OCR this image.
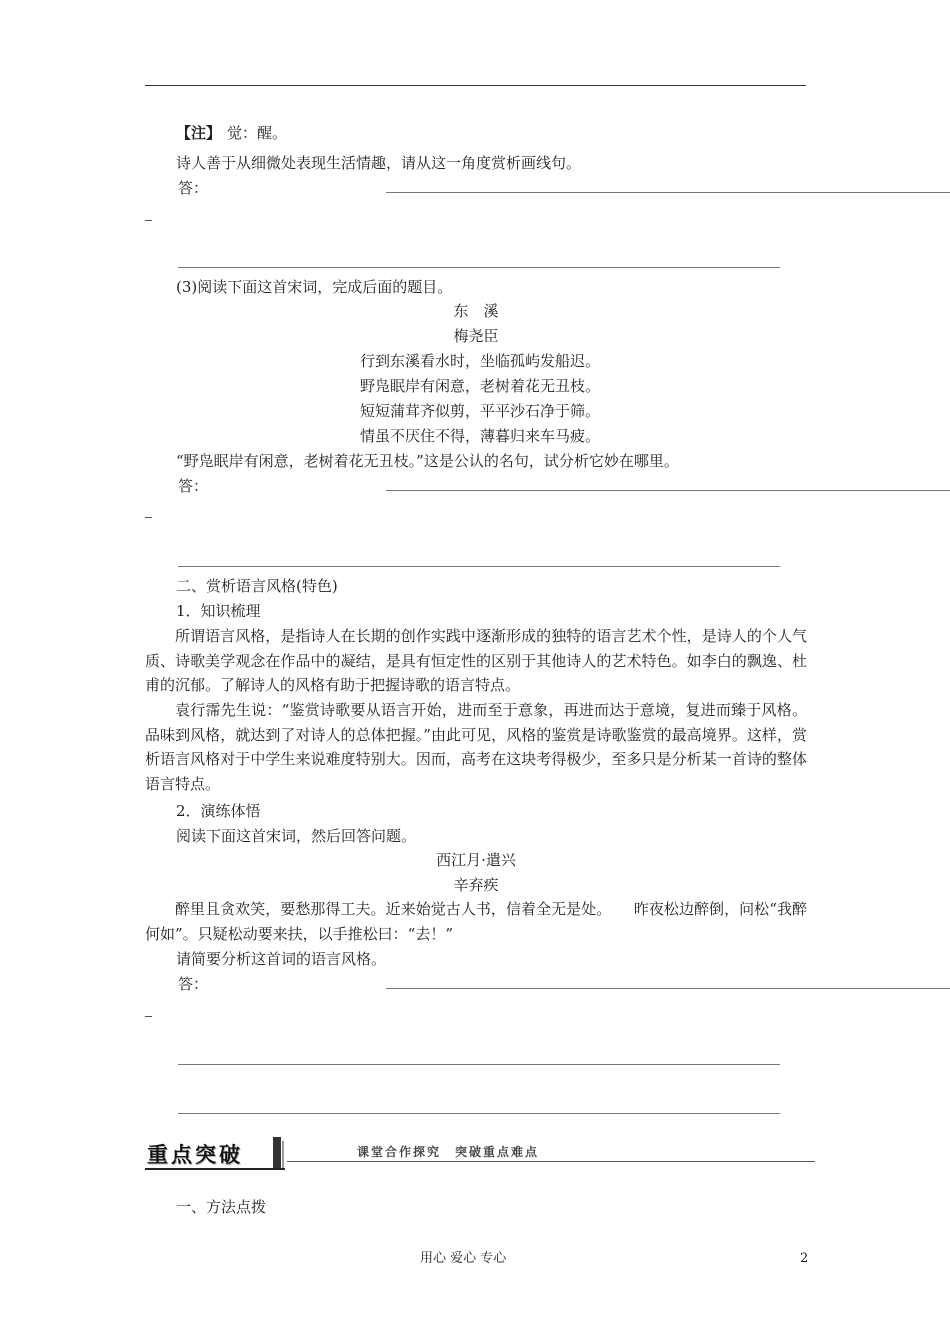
【注】 觉：醒。
诗人善于从细微处表现生活情趣，请从这一角度赏析画线句。
答：
(3)阅读下面这首宋词，完成后面的题目。
东　溪
梅尧臣
行到东溪看水时，坐临孤屿发船迟。
野凫眠岸有闲意，老树着花无丑枝。
短短蒲茸齐似剪，平平沙石净于筛。
情虽不厌住不得，薄暮归来车马疲。
“野凫眠岸有闲意，老树着花无丑枝。”这是公认的名句，试分析它妙在哪里。
答：
二、赏析语言风格(特色)
1．知识梳理

所谓语言风格，是指诗人在长期的创作实践中逐渐形成的独特的语言艺术个性，是诗人的个人气质、诗歌美学观念在作品中的凝结，是具有恒定性的区别于其他诗人的艺术特色。如李白的飘逸、杜甫的沉郁。了解诗人的风格有助于把握诗歌的语言特点。

袁行霈先生说：“鉴赏诗歌要从语言开始，进而至于意象，再进而达于意境，复进而臻于风格。品味到风格，就达到了对诗人的总体把握。”由此可见，风格的鉴赏是诗歌鉴赏的最高境界。这样，赏析语言风格对于中学生来说难度特别大。因而，高考在这块考得极少，至多只是分析某一首诗的整体语言特点。

2．演练体悟
阅读下面这首宋词，然后回答问题。
西江月·遣兴
辛弃疾

醉里且贪欢笑，要愁那得工夫。近来始觉古人书，信着全无是处。　　昨夜松边醉倒，问松“我醉何如”。只疑松动要来扶，以手推松曰：“去！”

请简要分析这首词的语言风格。
答：
重点突破	课堂合作探究　突破重点难点
一、方法点拨
用心 爱心 专心	2
